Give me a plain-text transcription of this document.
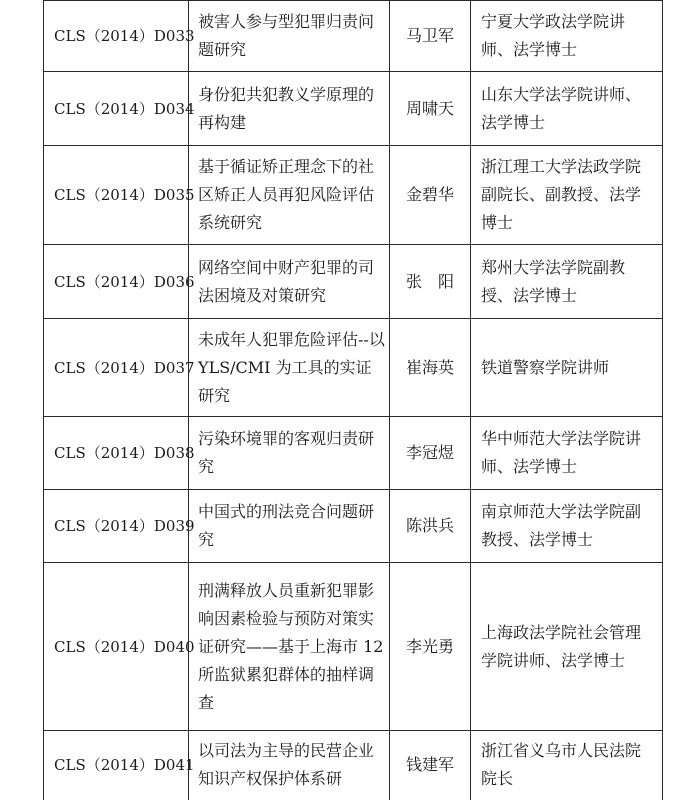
CLS（2014）D033	被害人参与型犯罪归责问题研究	马卫军	宁夏大学政法学院讲师、法学博士
CLS（2014）D034	身份犯共犯教义学原理的再构建	周啸天	山东大学法学院讲师、法学博士
CLS（2014）D035	基于循证矫正理念下的社区矫正人员再犯风险评估系统研究	金碧华	浙江理工大学法政学院副院长、副教授、法学博士
CLS（2014）D036	网络空间中财产犯罪的司法困境及对策研究	张　阳	郑州大学法学院副教授、法学博士
CLS（2014）D037	未成年人犯罪危险评估--以 YLS/CMI 为工具的实证研究	崔海英	铁道警察学院讲师
CLS（2014）D038	污染环境罪的客观归责研究	李冠煜	华中师范大学法学院讲师、法学博士
CLS（2014）D039	中国式的刑法竞合问题研究	陈洪兵	南京师范大学法学院副教授、法学博士
CLS（2014）D040	刑满释放人员重新犯罪影响因素检验与预防对策实证研究——基于上海市 12 所监狱累犯群体的抽样调查	李光勇	上海政法学院社会管理学院讲师、法学博士
CLS（2014）D041	以司法为主导的民营企业知识产权保护体系研	钱建军	浙江省义乌市人民法院院长
